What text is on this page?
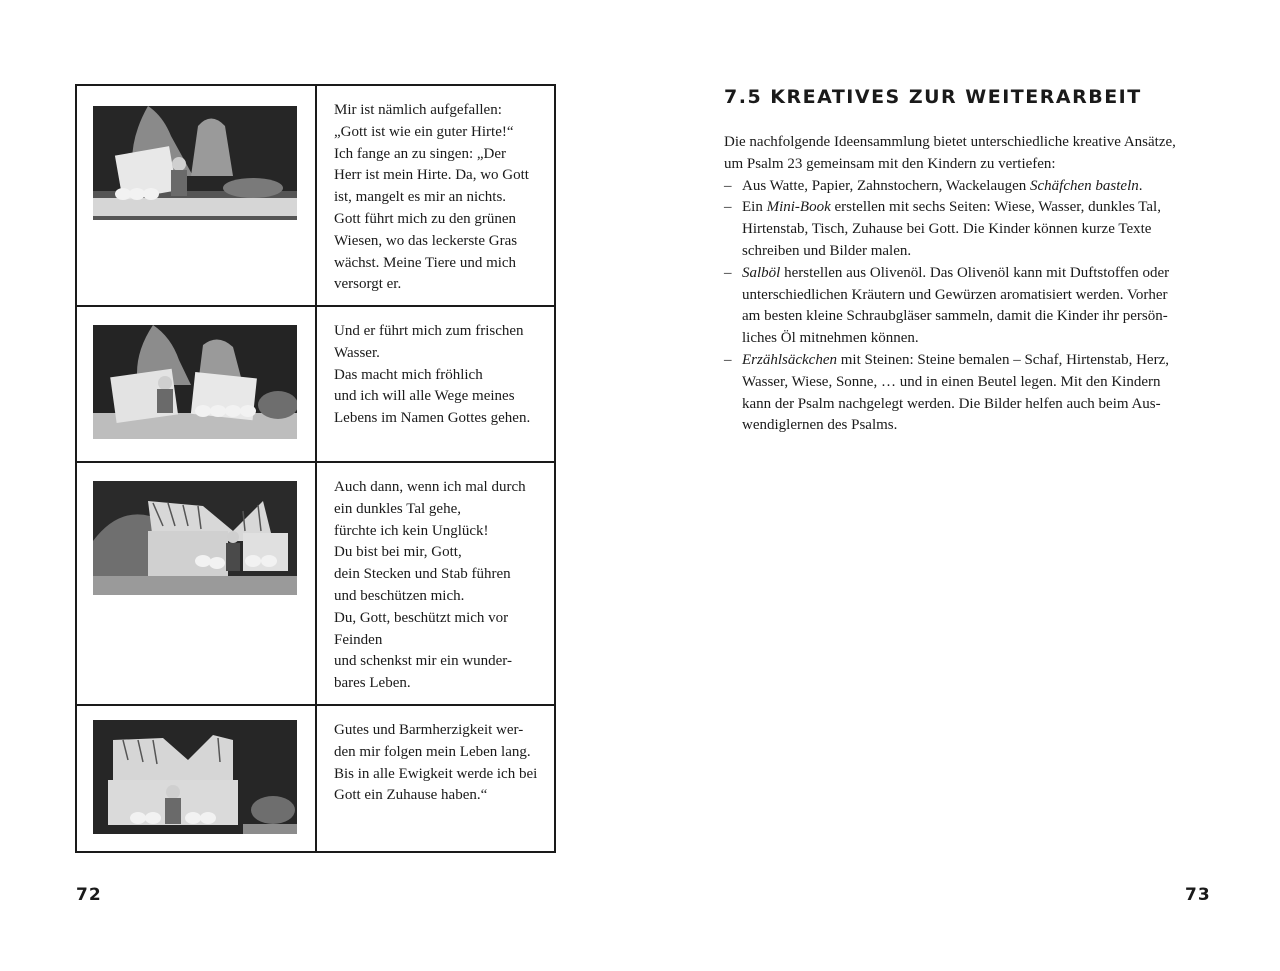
Mir ist nämlich aufgefallen:
„Gott ist wie ein guter Hirte!“
Ich fange an zu singen: „Der
Herr ist mein Hirte. Da, wo Gott
ist, mangelt es mir an nichts.
Gott führt mich zu den grünen
Wiesen, wo das leckerste Gras
wächst. Meine Tiere und mich
versorgt er.
Und er führt mich zum frischen
Wasser.
Das macht mich fröhlich
und ich will alle Wege meines
Lebens im Namen Gottes gehen.
Auch dann, wenn ich mal durch
ein dunkles Tal gehe,
fürchte ich kein Unglück!
Du bist bei mir, Gott,
dein Stecken und Stab führen
und beschützen mich.
Du, Gott, beschützt mich vor
Feinden
und schenkst mir ein wunder-
bares Leben.
Gutes und Barmherzigkeit wer-
den mir folgen mein Leben lang.
Bis in alle Ewigkeit werde ich bei
Gott ein Zuhause haben.“
72
7.5 KREATIVES ZUR WEITERARBEIT
Die nachfolgende Ideensammlung bietet unterschiedliche kreative Ansätze,
um Psalm 23 gemeinsam mit den Kindern zu vertiefen:
– Aus Watte, Papier, Zahnstochern, Wackelaugen Schäfchen basteln.
– Ein Mini-Book erstellen mit sechs Seiten: Wiese, Wasser, dunkles Tal,
Hirtenstab, Tisch, Zuhause bei Gott. Die Kinder können kurze Texte
schreiben und Bilder malen.
– Salböl herstellen aus Olivenöl. Das Olivenöl kann mit Duftstoffen oder
unterschiedlichen Kräutern und Gewürzen aromatisiert werden. Vorher
am besten kleine Schraubgläser sammeln, damit die Kinder ihr persön-
liches Öl mitnehmen können.
– Erzählsäckchen mit Steinen: Steine bemalen – Schaf, Hirtenstab, Herz,
Wasser, Wiese, Sonne, … und in einen Beutel legen. Mit den Kindern
kann der Psalm nachgelegt werden. Die Bilder helfen auch beim Aus-
wendiglernen des Psalms.
73
